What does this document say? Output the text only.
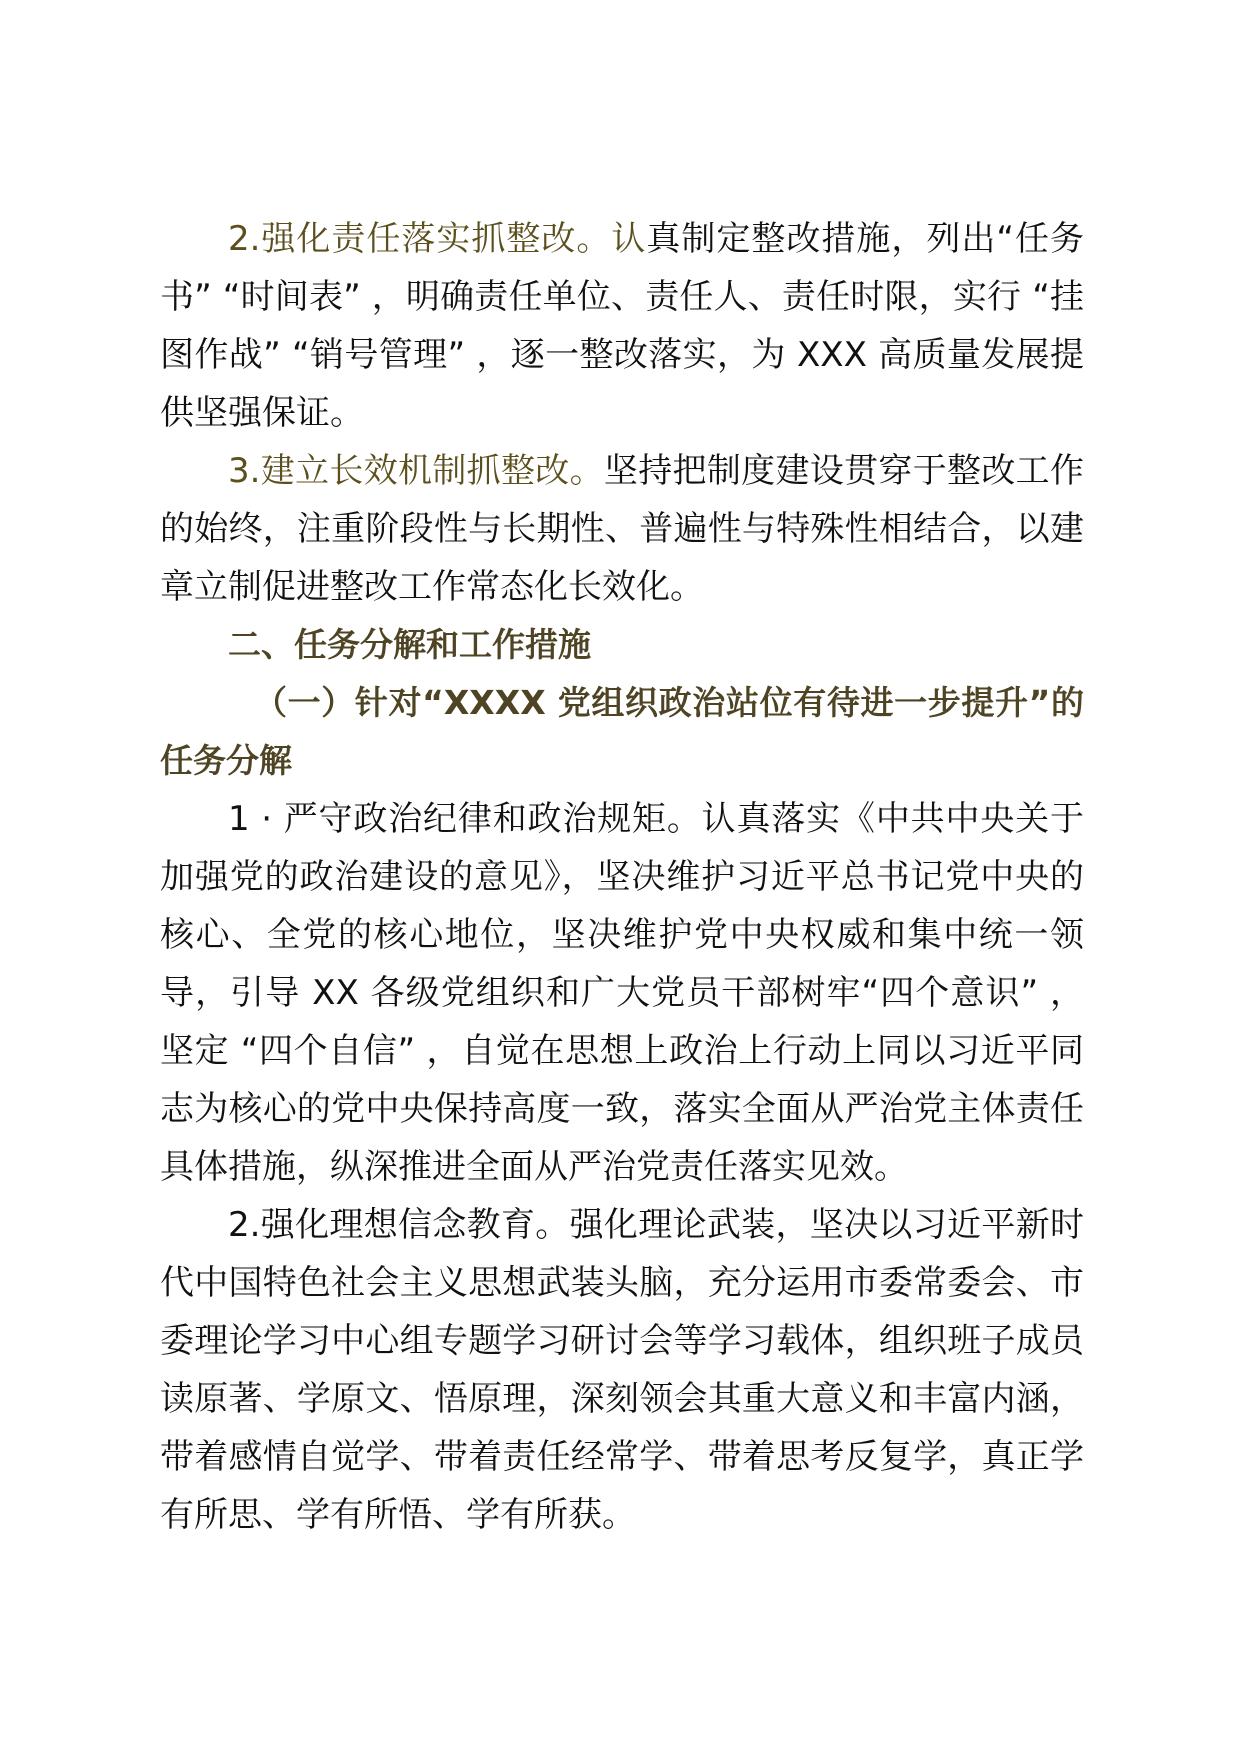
2.强化责任落实抓整改。认真制定整改措施，列出“任务书” “时间表” ，明确责任单位、责任人、责任时限，实行 “挂图作战” “销号管理” ，逐一整改落实，为 XXX 高质量发展提供坚强保证。

3.建立长效机制抓整改。坚持把制度建设贯穿于整改工作的始终，注重阶段性与长期性、普遍性与特殊性相结合，以建章立制促进整改工作常态化长效化。

二、任务分解和工作措施

（一）针对“XXXX 党组织政治站位有待进一步提升”的任务分解

1 · 严守政治纪律和政治规矩。认真落实《中共中央关于加强党的政治建设的意见》，坚决维护习近平总书记党中央的核心、全党的核心地位，坚决维护党中央权威和集中统一领导，引导 XX 各级党组织和广大党员干部树牢“四个意识” ，坚定 “四个自信” ，自觉在思想上政治上行动上同以习近平同志为核心的党中央保持高度一致，落实全面从严治党主体责任具体措施，纵深推进全面从严治党责任落实见效。

2.强化理想信念教育。强化理论武装，坚决以习近平新时代中国特色社会主义思想武装头脑，充分运用市委常委会、市委理论学习中心组专题学习研讨会等学习载体，组织班子成员读原著、学原文、悟原理，深刻领会其重大意义和丰富内涵，带着感情自觉学、带着责任经常学、带着思考反复学，真正学有所思、学有所悟、学有所获。
